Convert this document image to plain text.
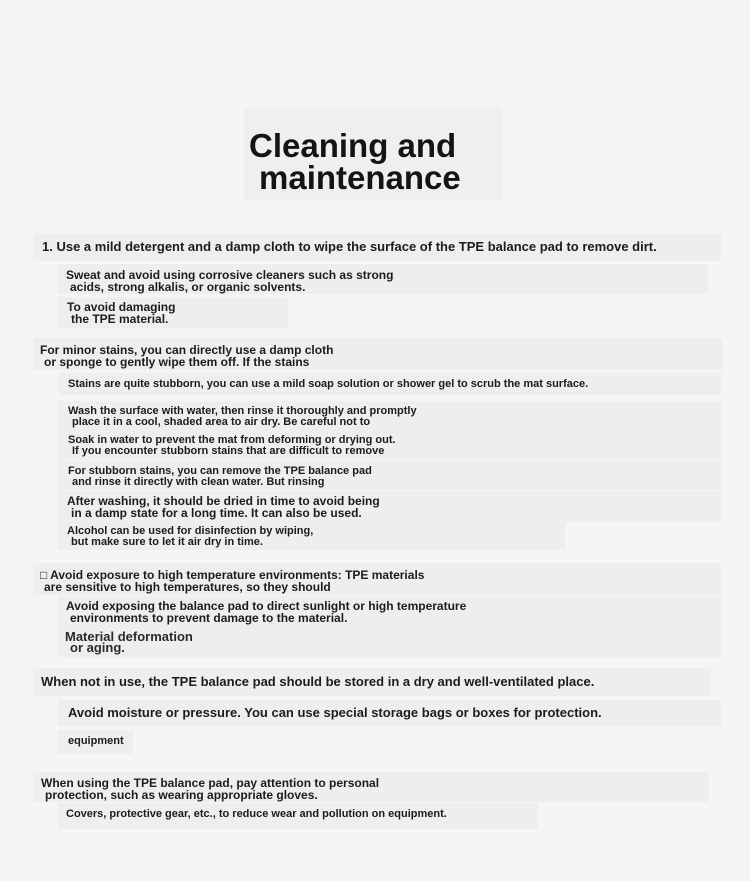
Cleaning and
maintenance
1. Use a mild detergent and a damp cloth to wipe the surface of the TPE balance pad to remove dirt.
Sweat and avoid using corrosive cleaners such as strong
acids, strong alkalis, or organic solvents.
To avoid damaging
the TPE material.
For minor stains, you can directly use a damp cloth
or sponge to gently wipe them off. If the stains
Stains are quite stubborn, you can use a mild soap solution or shower gel to scrub the mat surface.
Wash the surface with water, then rinse it thoroughly and promptly
place it in a cool, shaded area to air dry. Be careful not to
Soak in water to prevent the mat from deforming or drying out.
If you encounter stubborn stains that are difficult to remove
For stubborn stains, you can remove the TPE balance pad
and rinse it directly with clean water. But rinsing
After washing, it should be dried in time to avoid being
in a damp state for a long time. It can also be used.
Alcohol can be used for disinfection by wiping,
but make sure to let it air dry in time.
□ Avoid exposure to high temperature environments: TPE materials
are sensitive to high temperatures, so they should
Avoid exposing the balance pad to direct sunlight or high temperature
environments to prevent damage to the material.
Material deformation
or aging.
When not in use, the TPE balance pad should be stored in a dry and well-ventilated place.
Avoid moisture or pressure. You can use special storage bags or boxes for protection.
equipment
When using the TPE balance pad, pay attention to personal
protection, such as wearing appropriate gloves.
Covers, protective gear, etc., to reduce wear and pollution on equipment.
